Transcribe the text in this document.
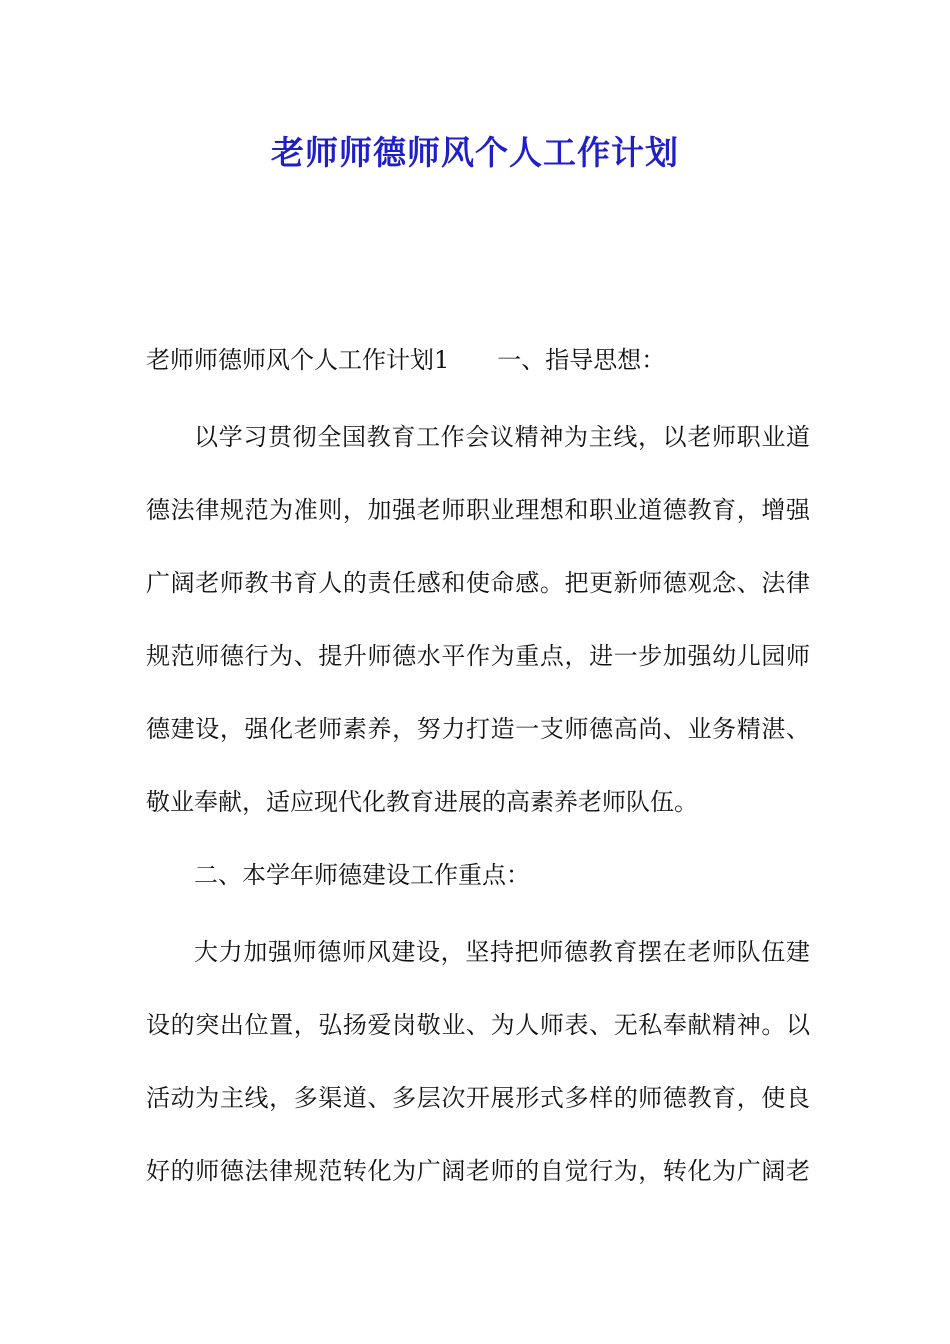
老师师德师风个人工作计划
老师师德师风个人工作计划1 一、指导思想：
以学习贯彻全国教育工作会议精神为主线，以老师职业道
德法律规范为准则，加强老师职业理想和职业道德教育，增强
广阔老师教书育人的责任感和使命感。把更新师德观念、法律
规范师德行为、提升师德水平作为重点，进一步加强幼儿园师
德建设，强化老师素养，努力打造一支师德高尚、业务精湛、
敬业奉献，适应现代化教育进展的高素养老师队伍。
二、本学年师德建设工作重点：
大力加强师德师风建设，坚持把师德教育摆在老师队伍建
设的突出位置，弘扬爱岗敬业、为人师表、无私奉献精神。以
活动为主线，多渠道、多层次开展形式多样的师德教育，使良
好的师德法律规范转化为广阔老师的自觉行为，转化为广阔老
